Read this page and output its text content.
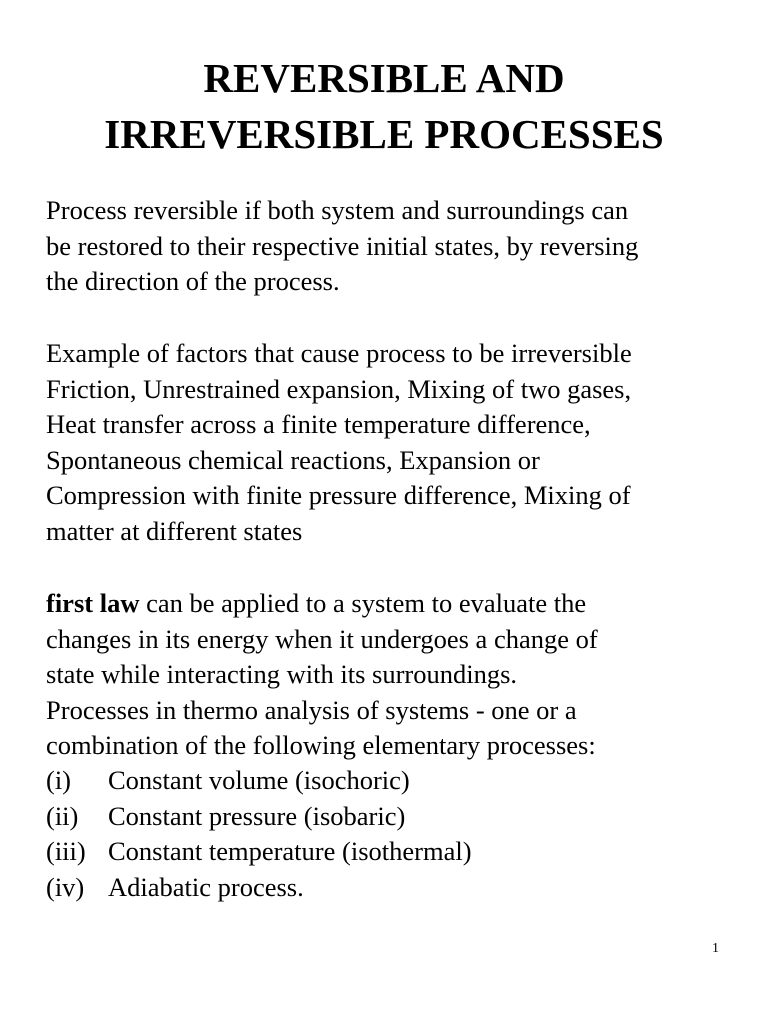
REVERSIBLE AND
IRREVERSIBLE PROCESSES

Process reversible if both system and surroundings can
be restored to their respective initial states, by reversing
the direction of the process.

Example of factors that cause process to be irreversible
Friction, Unrestrained expansion, Mixing of two gases,
Heat transfer across a finite temperature difference,
Spontaneous chemical reactions, Expansion or
Compression with finite pressure difference, Mixing of
matter at different states

first law can be applied to a system to evaluate the
changes in its energy when it undergoes a change of
state while interacting with its surroundings.
Processes in thermo analysis of systems - one or a
combination of the following elementary processes:

(i)	Constant volume (isochoric)
(ii)	Constant pressure (isobaric)
(iii) Constant temperature (isothermal)
(iv) Adiabatic process.
1
